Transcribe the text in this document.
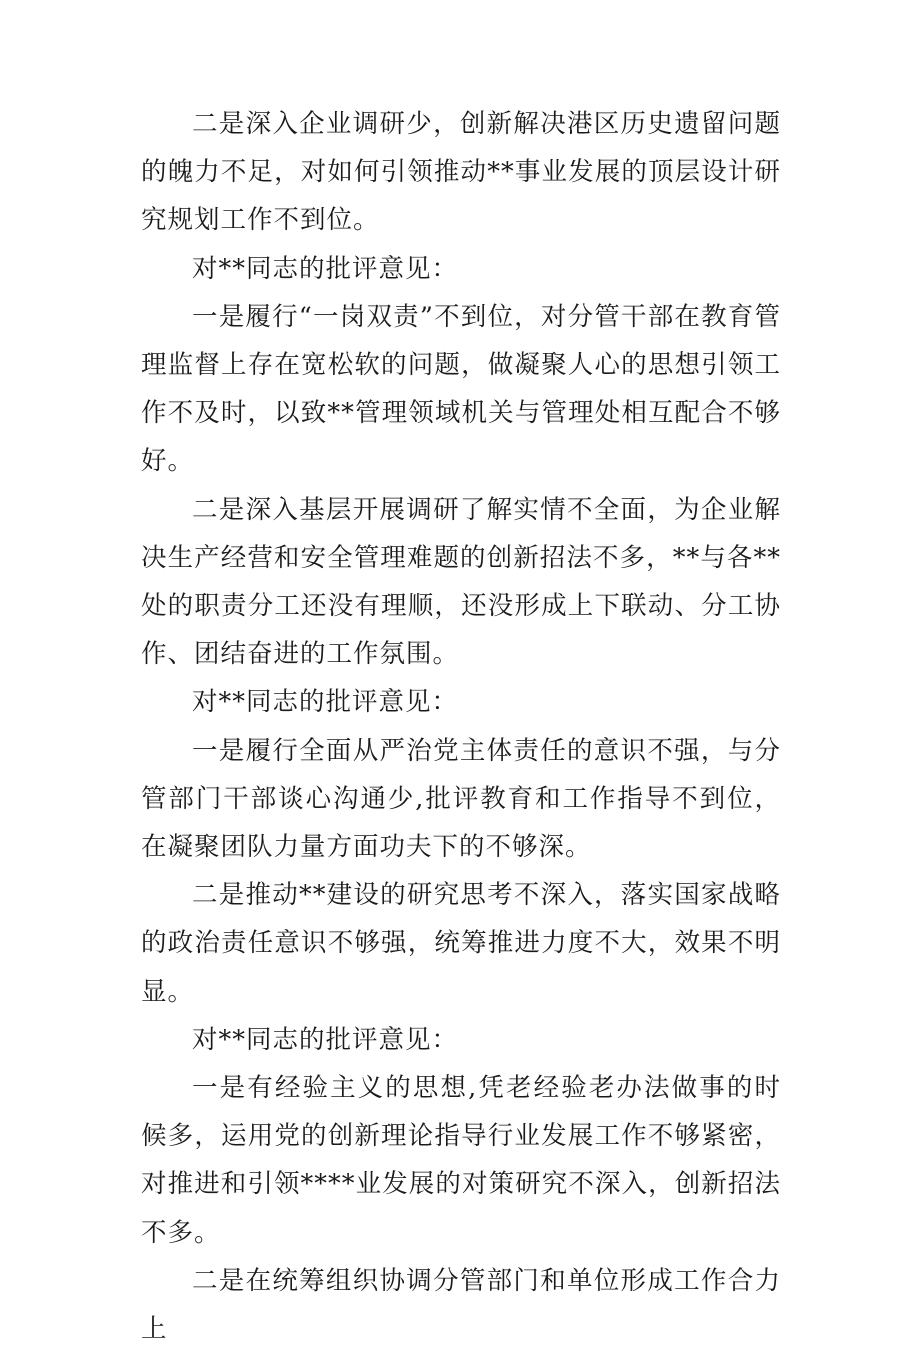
二是深入企业调研少，创新解决港区历史遗留问题的魄力不足，对如何引领推动**事业发展的顶层设计研究规划工作不到位。

对**同志的批评意见：

一是履行“一岗双责”不到位，对分管干部在教育管理监督上存在宽松软的问题，做凝聚人心的思想引领工作不及时，以致**管理领域机关与管理处相互配合不够好。

二是深入基层开展调研了解实情不全面，为企业解决生产经营和安全管理难题的创新招法不多，**与各**处的职责分工还没有理顺，还没形成上下联动、分工协作、团结奋进的工作氛围。

对**同志的批评意见：

一是履行全面从严治党主体责任的意识不强，与分管部门干部谈心沟通少,批评教育和工作指导不到位，在凝聚团队力量方面功夫下的不够深。

二是推动**建设的研究思考不深入，落实国家战略的政治责任意识不够强，统筹推进力度不大，效果不明显。

对**同志的批评意见：

一是有经验主义的思想,凭老经验老办法做事的时候多，运用党的创新理论指导行业发展工作不够紧密，对推进和引领****业发展的对策研究不深入，创新招法不多。

二是在统筹组织协调分管部门和单位形成工作合力上
